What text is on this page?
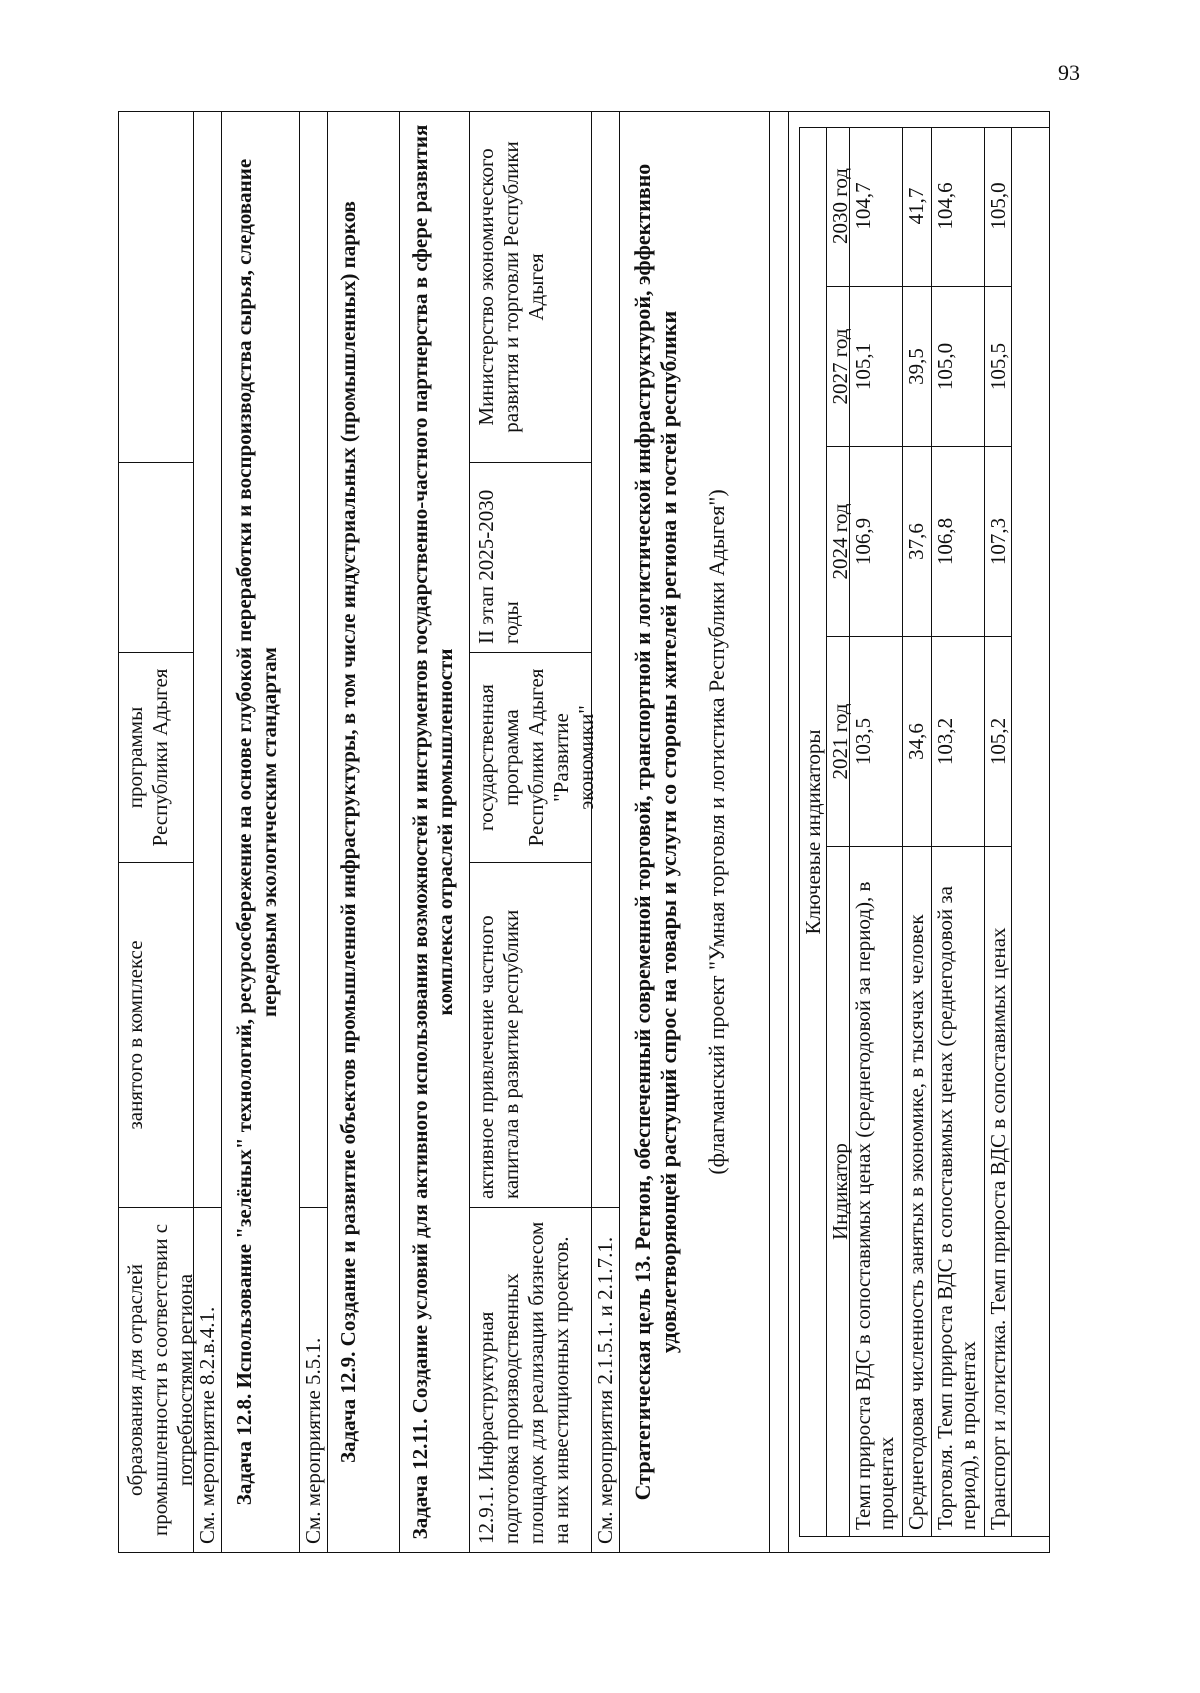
93
образования для отраслей промышленности в соответствии с потребностями региона
занятого в комплексе
программы Республики Адыгея
См. мероприятие 8.2.в.4.1. Задача 12.8. Использование "зелёных" технологий, ресурсосбережение на основе глубокой переработки и воспроизводства сырья, следование передовым экологическим стандартам
См. мероприятие 5.5.1. Задача 12.9. Создание и развитие объектов промышленной инфраструктуры, в том числе индустриальных (промышленных) парков	Задача 12.11. Создание условий для активного использования возможностей и инструментов государственно-частного партнерства в сфере развития комплекса отраслей промышленности
12.9.1. Инфраструктурная подготовка производственных площадок для реализации бизнесом на них инвестиционных проектов.
активное привлечение частного капитала в развитие республики
государственная программа Республики Адыгея "Развитие экономики"
II этап 2025-2030 годы
Министерство экономического развития и торговли Республики Адыгея
См. мероприятия 2.1.5.1. и 2.1.7.1. Стратегическая цель 13. Регион, обеспеченный современной торговой, транспортной и логистической инфраструктурой, эффективно удовлетворяющей растущий спрос на товары и услуги со стороны жителей региона и гостей республики (флагманский проект "Умная торговля и логистика Республики Адыгея")	Ключевые индикаторы
Индикатор
2021 год
2024 год
2027 год
2030 год
Темп прироста ВДС в сопоставимых ценах (среднегодовой за период), в процентах
103,5
106,9
105,1
104,7
Среднегодовая численность занятых в экономике, в тысячах человек
34,6
37,6
39,5
41,7
Торговля. Темп прироста ВДС в сопоставимых ценах (среднегодовой за период), в процентах
103,2
106,8
105,0
104,6
Транспорт и логистика. Темп прироста ВДС в сопоставимых ценах
105,2
107,3
105,5
105,0
